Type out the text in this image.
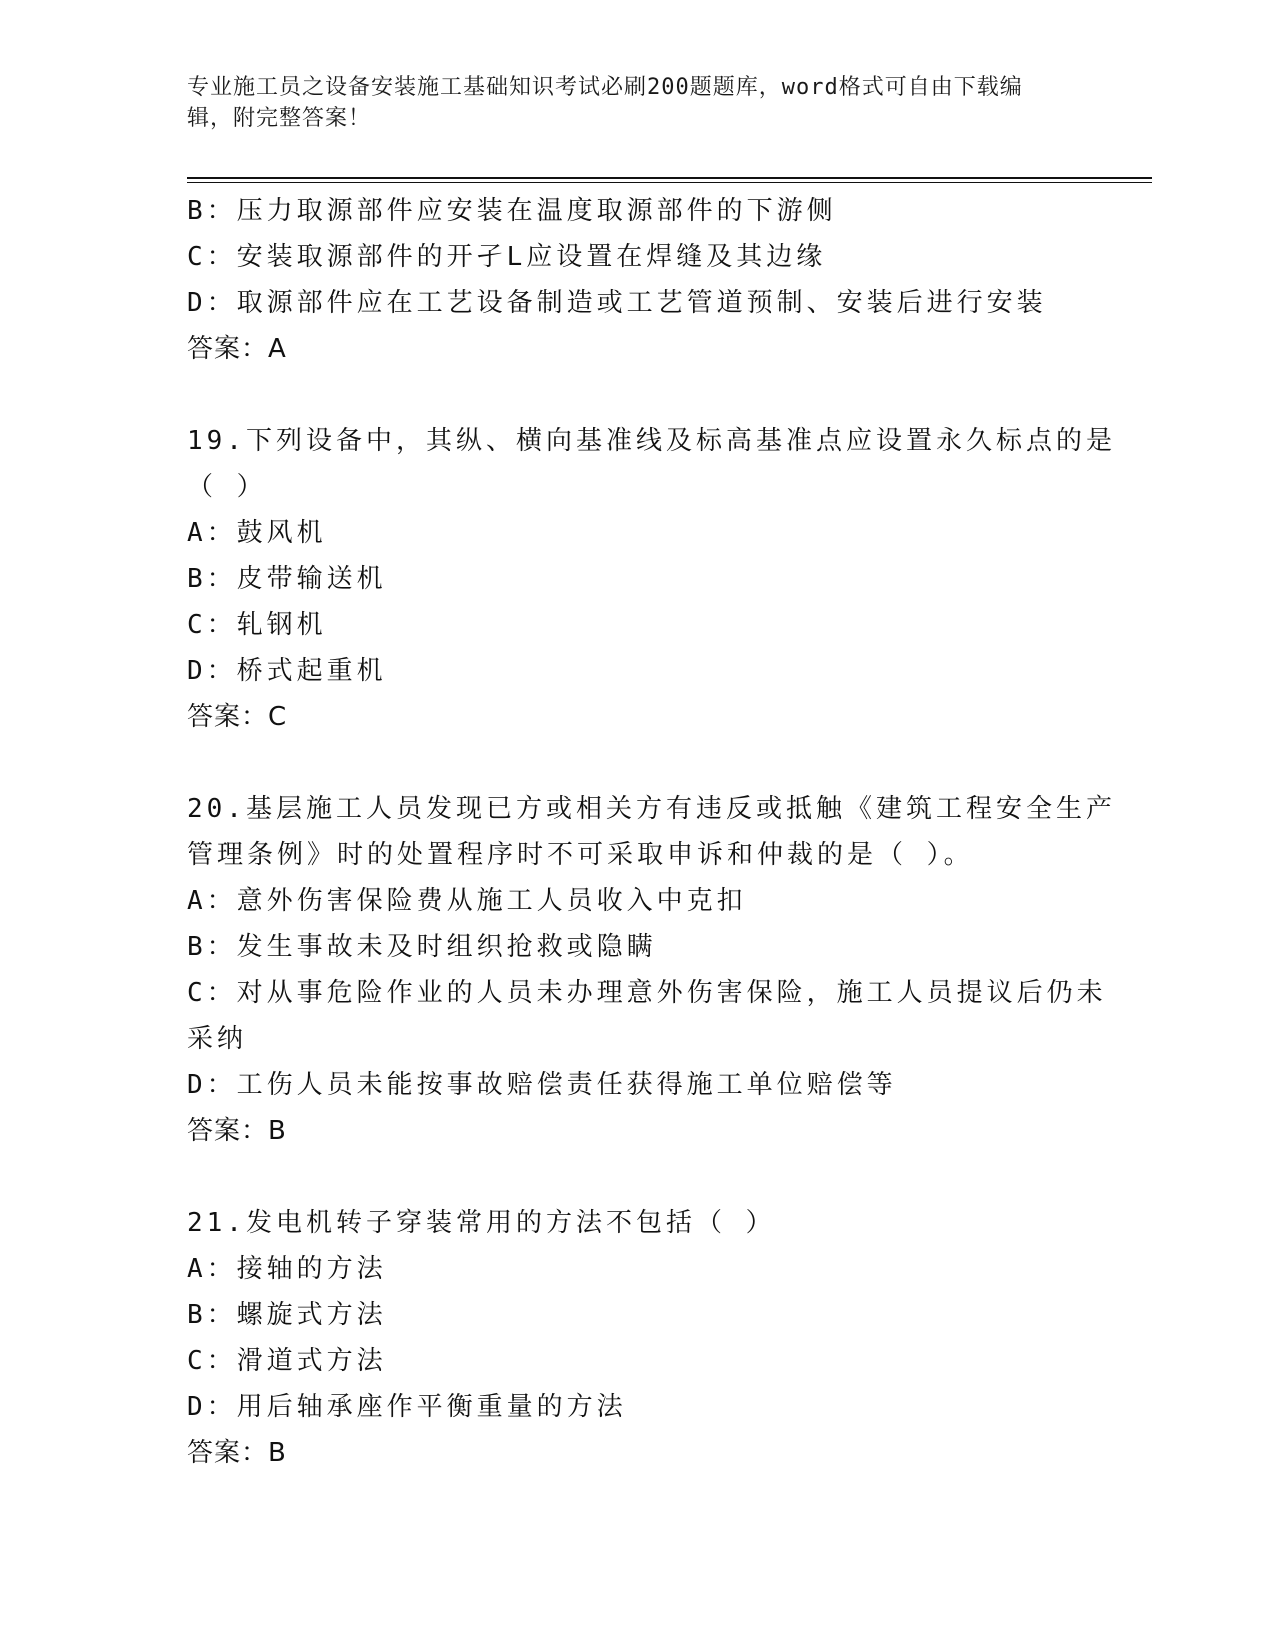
专业施工员之设备安装施工基础知识考试必刷200题题库，word格式可自由下载编辑，附完整答案！
B：压力取源部件应安装在温度取源部件的下游侧
C：安装取源部件的开孑L应设置在焊缝及其边缘
D：取源部件应在工艺设备制造或工艺管道预制、安装后进行安装
答案：A
19.下列设备中，其纵、横向基准线及标高基准点应设置永久标点的是
（ ）
A：鼓风机
B：皮带输送机
C：轧钢机
D：桥式起重机
答案：C
20.基层施工人员发现已方或相关方有违反或抵触《建筑工程安全生产
管理条例》时的处置程序时不可采取申诉和仲裁的是（ ）。
A：意外伤害保险费从施工人员收入中克扣
B：发生事故未及时组织抢救或隐瞒
C：对从事危险作业的人员未办理意外伤害保险，施工人员提议后仍未
采纳
D：工伤人员未能按事故赔偿责任获得施工单位赔偿等
答案：B
21.发电机转子穿装常用的方法不包括（ ）
A：接轴的方法
B：螺旋式方法
C：滑道式方法
D：用后轴承座作平衡重量的方法
答案：B
